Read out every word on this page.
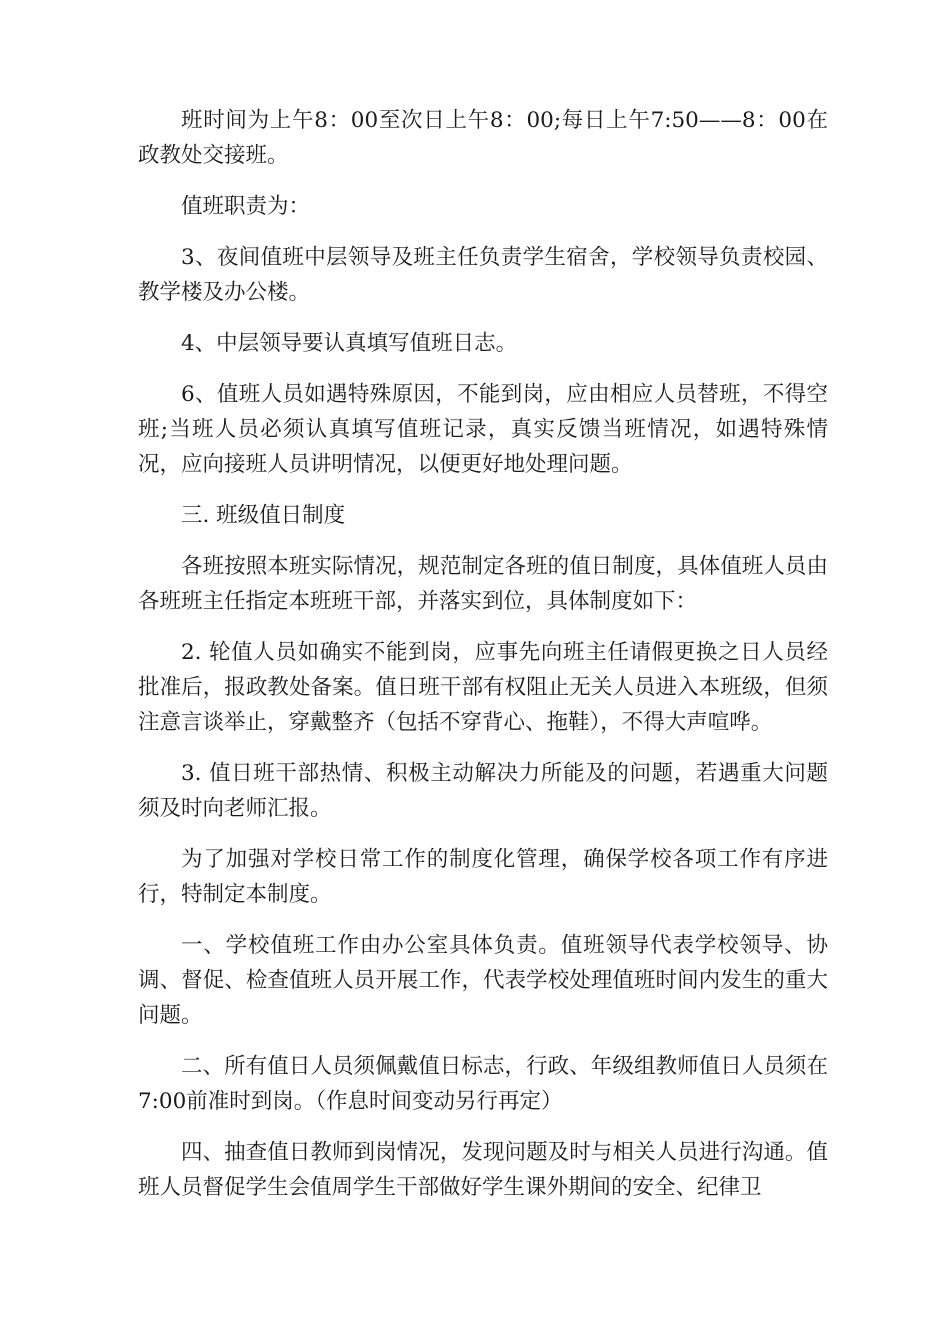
班时间为上午8：00至次日上午8：00;每日上午7:50——8：00在政教处交接班。

值班职责为：

3、夜间值班中层领导及班主任负责学生宿舍，学校领导负责校园、教学楼及办公楼。

4、中层领导要认真填写值班日志。

6、值班人员如遇特殊原因，不能到岗，应由相应人员替班，不得空班;当班人员必须认真填写值班记录，真实反馈当班情况，如遇特殊情况，应向接班人员讲明情况，以便更好地处理问题。

三. 班级值日制度

各班按照本班实际情况，规范制定各班的值日制度，具体值班人员由各班班主任指定本班班干部，并落实到位，具体制度如下：

2. 轮值人员如确实不能到岗，应事先向班主任请假更换之日人员经批准后，报政教处备案。值日班干部有权阻止无关人员进入本班级，但须注意言谈举止，穿戴整齐（包括不穿背心、拖鞋），不得大声喧哗。

3. 值日班干部热情、积极主动解决力所能及的问题，若遇重大问题须及时向老师汇报。

为了加强对学校日常工作的制度化管理，确保学校各项工作有序进行，特制定本制度。

一、学校值班工作由办公室具体负责。值班领导代表学校领导、协调、督促、检查值班人员开展工作，代表学校处理值班时间内发生的重大问题。

二、所有值日人员须佩戴值日标志，行政、年级组教师值日人员须在7:00前准时到岗。（作息时间变动另行再定）

四、抽查值日教师到岗情况，发现问题及时与相关人员进行沟通。值班人员督促学生会值周学生干部做好学生课外期间的安全、纪律卫
